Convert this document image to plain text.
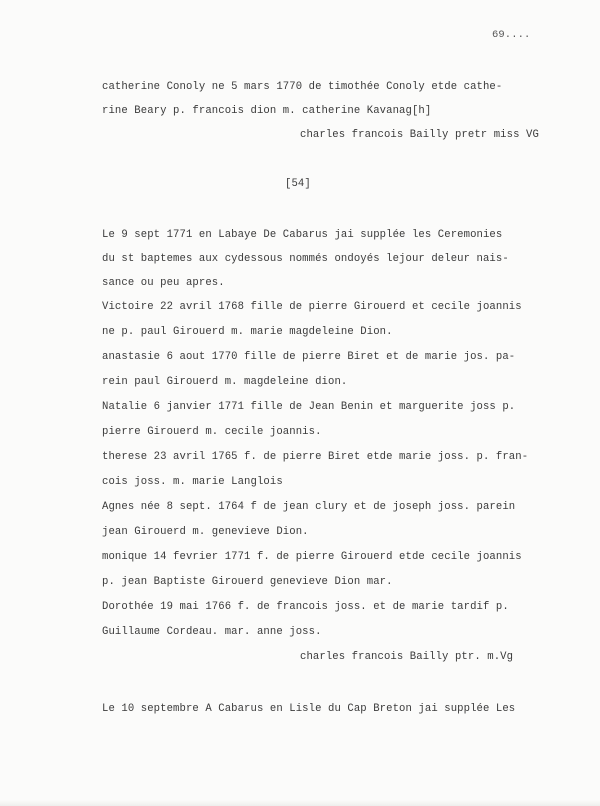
69....
catherine Conoly ne 5 mars 1770 de timothée Conoly etde cathe-
rine Beary p. francois dion m. catherine Kavanag[h]
charles francois Bailly pretr miss VG
[54]
Le 9 sept 1771 en Labaye De Cabarus jai supplée les Ceremonies
du st baptemes aux cydessous nommés ondoyés lejour deleur nais-
sance ou peu apres.
Victoire 22 avril 1768 fille de pierre Girouerd et cecile joannis
ne p. paul Girouerd m. marie magdeleine Dion.
anastasie 6 aout 1770 fille de pierre Biret et de marie jos. pa-
rein paul Girouerd m. magdeleine dion.
Natalie 6 janvier 1771 fille de Jean Benin et marguerite joss p.
pierre Girouerd m. cecile joannis.
therese 23 avril 1765 f. de pierre Biret etde marie joss. p. fran-
cois joss. m. marie Langlois
Agnes née 8 sept. 1764 f de jean clury et de joseph joss. parein
jean Girouerd m. genevieve Dion.
monique 14 fevrier 1771 f. de pierre Girouerd etde cecile joannis
p. jean Baptiste Girouerd genevieve Dion mar.
Dorothée 19 mai 1766 f. de francois joss. et de marie tardif p.
Guillaume Cordeau. mar. anne joss.
charles francois Bailly ptr. m.Vg
Le 10 septembre A Cabarus en Lisle du Cap Breton jai supplée Les
